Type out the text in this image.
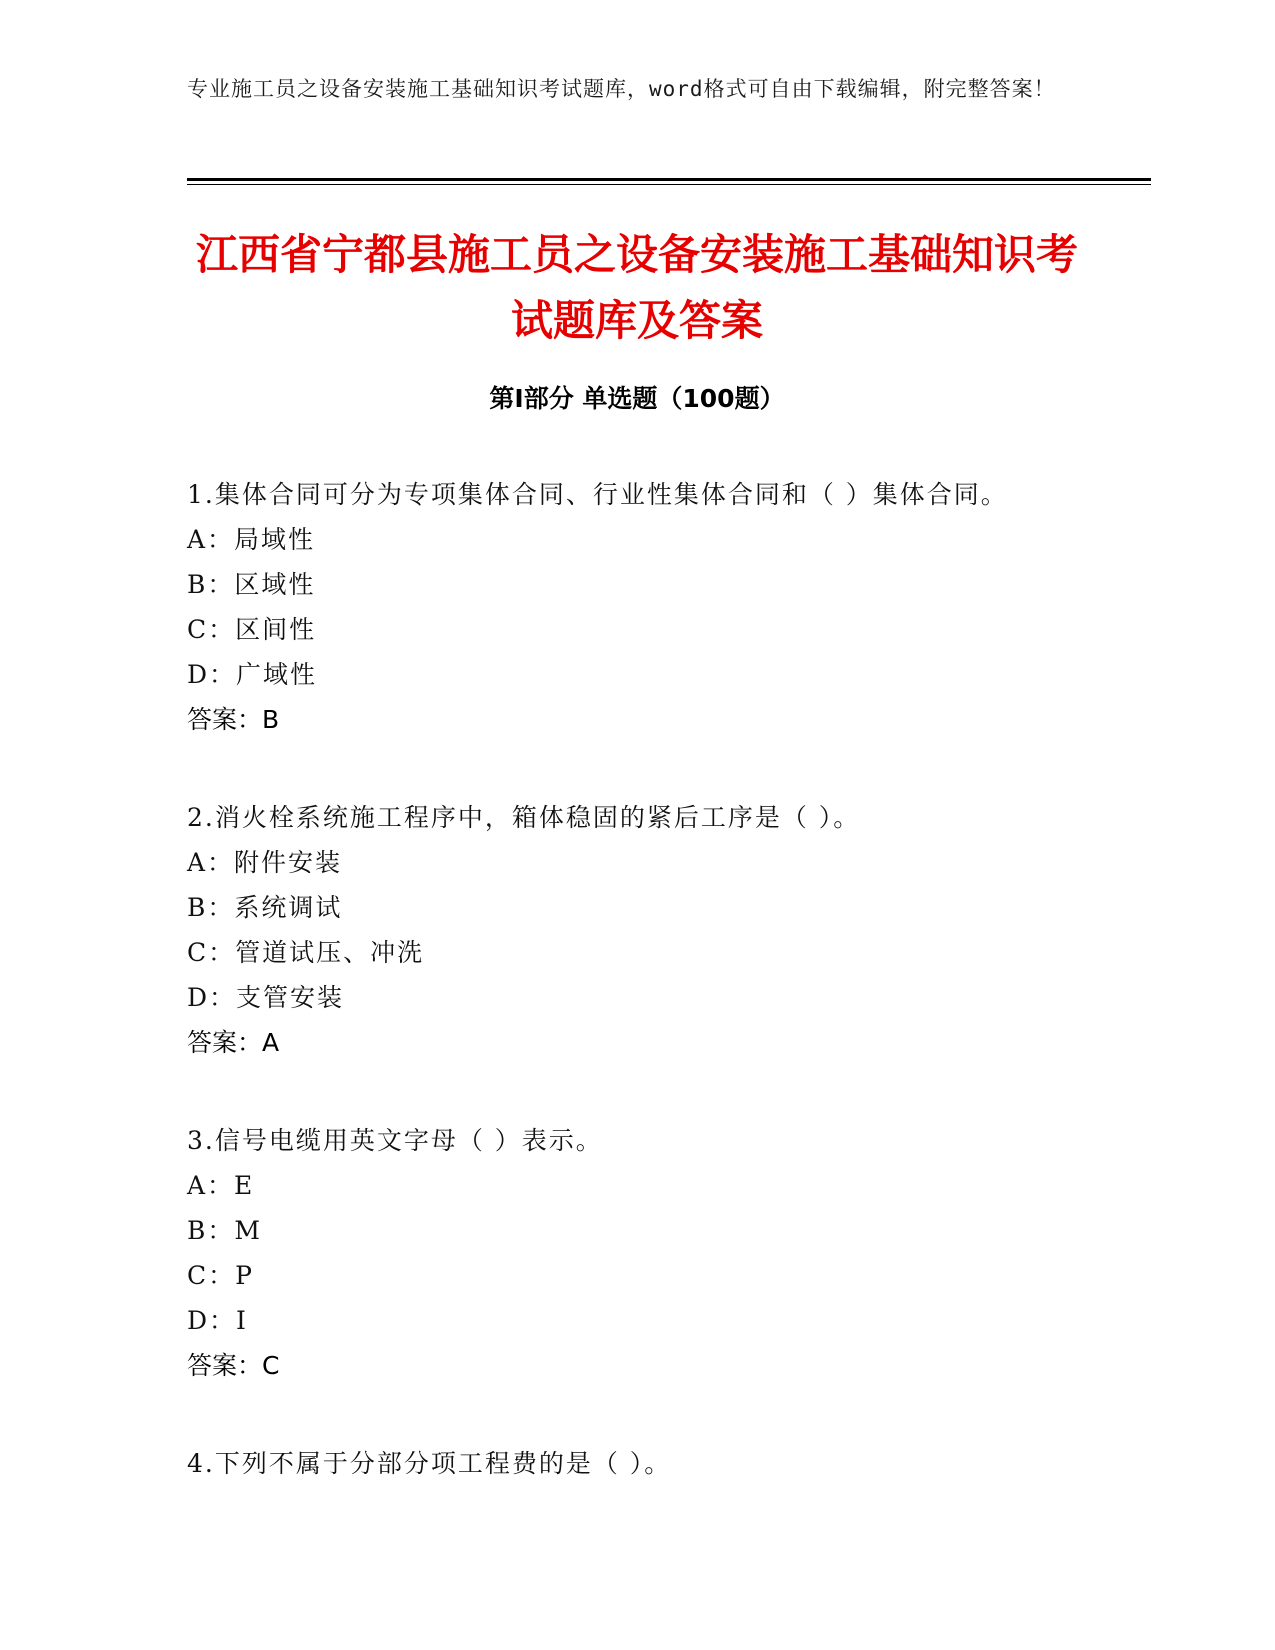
专业施工员之设备安装施工基础知识考试题库，word格式可自由下载编辑，附完整答案！
江西省宁都县施工员之设备安装施工基础知识考试题库及答案
第Ⅰ部分 单选题（100题）
1.集体合同可分为专项集体合同、行业性集体合同和（ ）集体合同。
A：局域性
B：区域性
C：区间性
D：广域性
答案：B
2.消火栓系统施工程序中，箱体稳固的紧后工序是（ ）。
A：附件安装
B：系统调试
C：管道试压、冲洗
D：支管安装
答案：A
3.信号电缆用英文字母（ ）表示。
A：E
B：M
C：P
D：I
答案：C
4.下列不属于分部分项工程费的是（ ）。
